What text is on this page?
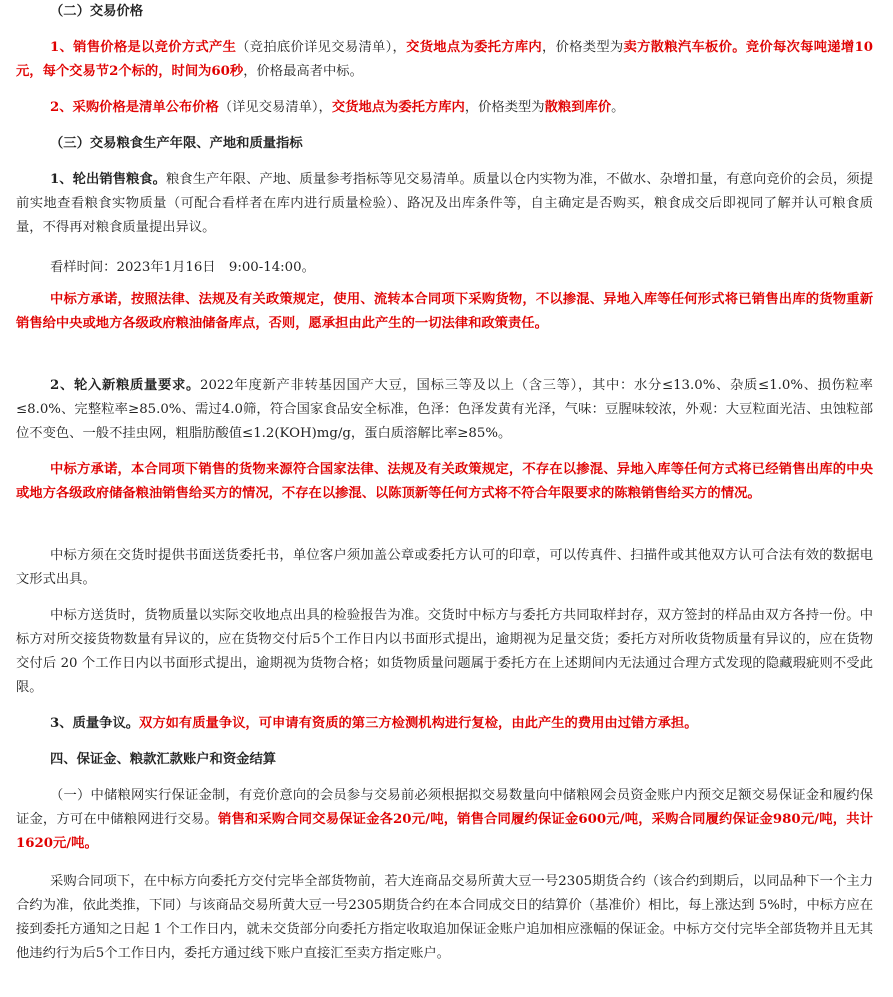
（二）交易价格

1、销售价格是以竞价方式产生（竞拍底价详见交易清单），交货地点为委托方库内，价格类型为卖方散粮汽车板价。竞价每次每吨递增10元，每个交易节2个标的，时间为60秒，价格最高者中标。

2、采购价格是清单公布价格（详见交易清单），交货地点为委托方库内，价格类型为散粮到库价。

（三）交易粮食生产年限、产地和质量指标

1、轮出销售粮食。粮食生产年限、产地、质量参考指标等见交易清单。质量以仓内实物为准，不做水、杂增扣量，有意向竞价的会员，须提前实地查看粮食实物质量（可配合看样者在库内进行质量检验）、路况及出库条件等，自主确定是否购买，粮食成交后即视同了解并认可粮食质量，不得再对粮食质量提出异议。

看样时间：2023年1月16日　9:00-14:00。

中标方承诺，按照法律、法规及有关政策规定，使用、流转本合同项下采购货物，不以掺混、异地入库等任何形式将已销售出库的货物重新销售给中央或地方各级政府粮油储备库点，否则，愿承担由此产生的一切法律和政策责任。

2、轮入新粮质量要求。2022年度新产非转基因国产大豆，国标三等及以上（含三等），其中：水分≤13.0%、杂质≤1.0%、损伤粒率≤8.0%、完整粒率≥85.0%、需过4.0筛，符合国家食品安全标准，色泽：色泽发黄有光泽，气味：豆腥味较浓，外观：大豆粒面光洁、虫蚀粒部位不变色、一般不挂虫网，粗脂肪酸值≤1.2(KOH)mg/g，蛋白质溶解比率≥85%。

中标方承诺，本合同项下销售的货物来源符合国家法律、法规及有关政策规定，不存在以掺混、异地入库等任何方式将已经销售出库的中央或地方各级政府储备粮油销售给买方的情况，不存在以掺混、以陈顶新等任何方式将不符合年限要求的陈粮销售给买方的情况。

中标方须在交货时提供书面送货委托书，单位客户须加盖公章或委托方认可的印章，可以传真件、扫描件或其他双方认可合法有效的数据电文形式出具。

中标方送货时，货物质量以实际交收地点出具的检验报告为准。交货时中标方与委托方共同取样封存，双方签封的样品由双方各持一份。中标方对所交接货物数量有异议的，应在货物交付后5个工作日内以书面形式提出，逾期视为足量交货；委托方对所收货物质量有异议的，应在货物交付后 20 个工作日内以书面形式提出，逾期视为货物合格；如货物质量问题属于委托方在上述期间内无法通过合理方式发现的隐藏瑕疵则不受此限。

3、质量争议。双方如有质量争议，可申请有资质的第三方检测机构进行复检，由此产生的费用由过错方承担。

四、保证金、粮款汇款账户和资金结算

（一）中储粮网实行保证金制，有竞价意向的会员参与交易前必须根据拟交易数量向中储粮网会员资金账户内预交足额交易保证金和履约保证金，方可在中储粮网进行交易。销售和采购合同交易保证金各20元/吨，销售合同履约保证金600元/吨，采购合同履约保证金980元/吨，共计1620元/吨。

采购合同项下，在中标方向委托方交付完毕全部货物前，若大连商品交易所黄大豆一号2305期货合约（该合约到期后，以同品种下一个主力合约为准，依此类推，下同）与该商品交易所黄大豆一号2305期货合约在本合同成交日的结算价（基准价）相比，每上涨达到 5%时，中标方应在接到委托方通知之日起 1 个工作日内，就未交货部分向委托方指定收取追加保证金账户追加相应涨幅的保证金。中标方交付完毕全部货物并且无其他违约行为后5个工作日内，委托方通过线下账户直接汇至卖方指定账户。
